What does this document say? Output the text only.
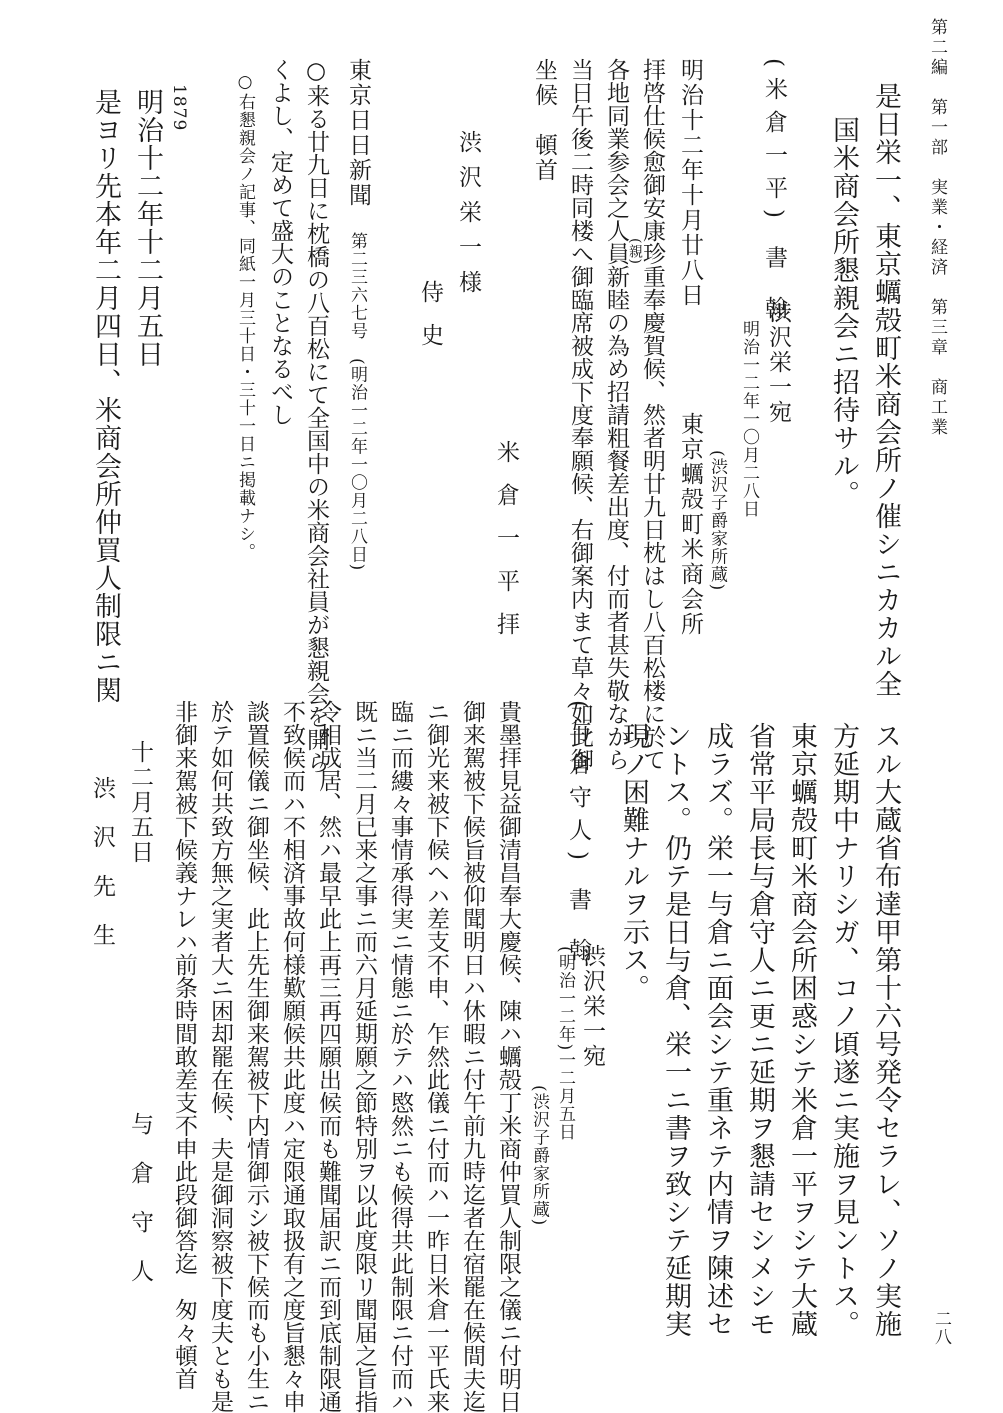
第二編　第一部　実業・経済　第三章　商工業
二八
是日栄一、東京蠣殻町米商会所ノ催シニカカル全
国米商会所懇親会ニ招待サル。
(米倉一平) 書 翰
渋沢栄一宛
明治一二年一〇月二八日
(渋沢子爵家所蔵)
明治十二年十月廿八日
東京蠣殻町米商会所
拝啓仕候愈御安康珍重奉慶賀候、然者明廿九日枕はし八百松楼に於て
(親)
各地同業参会之人員新睦の為め招請粗餐差出度、付而者甚失敬なから
当日午後二時同楼へ御臨席被成下度奉願候、右御案内まて草々如此御
坐候　頓首
米倉一平拝
渋沢栄一様
侍史
東京日日新聞
第二三六七号　(明治一二年一〇月二八日)
○来る廿九日に枕橋の八百松にて全国中の米商会社員が懇親会を開ら
くよし、定めて盛大のことなるべし
○右懇親会ノ記事、同紙一月三十日・三十一日ニ掲載ナシ。
1879
明治十二年十二月五日
是ヨリ先本年二月四日、米商会所仲買人制限ニ関
スル大蔵省布達甲第十六号発令セラレ、ソノ実施
方延期中ナリシガ、コノ頃遂ニ実施ヲ見ントス。
東京蠣殻町米商会所困惑シテ米倉一平ヲシテ大蔵
省常平局長与倉守人ニ更ニ延期ヲ懇請セシメシモ
成ラズ。栄一与倉ニ面会シテ重ネテ内情ヲ陳述セ
ントス。仍テ是日与倉、栄一ニ書ヲ致シテ延期実
現ノ困難ナルヲ示ス。
(与倉守人) 書 翰
渋沢栄一宛
(明治一二年)一二月五日
(渋沢子爵家所蔵)
貴墨拝見益御清昌奉大慶候、陳ハ蠣殻丁米商仲買人制限之儀ニ付明日
御来駕被下候旨被仰聞明日ハ休暇ニ付午前九時迄者在宿罷在候間夫迄
ニ御光来被下候ヘハ差支不申、乍然此儀ニ付而ハ一昨日米倉一平氏来
臨ニ而縷々事情承得実ニ情態ニ於テハ愍然ニも候得共此制限ニ付而ハ
既ニ当二月已来之事ニ而六月延期願之節特別ヲ以此度限リ聞届之旨指
令相成居、然ハ最早此上再三再四願出候而も難聞届訳ニ而到底制限通
不致候而ハ不相済事故何様歎願候共此度ハ定限通取扱有之度旨懇々申
談置候儀ニ御坐候、此上先生御来駕被下内情御示シ被下候而も小生ニ
於テ如何共致方無之実者大ニ困却罷在候、夫是御洞察被下度夫とも是
非御来駕被下候義ナレハ前条時間敢差支不申此段御答迄　匆々頓首
十二月五日
与倉守人
渋沢先生
